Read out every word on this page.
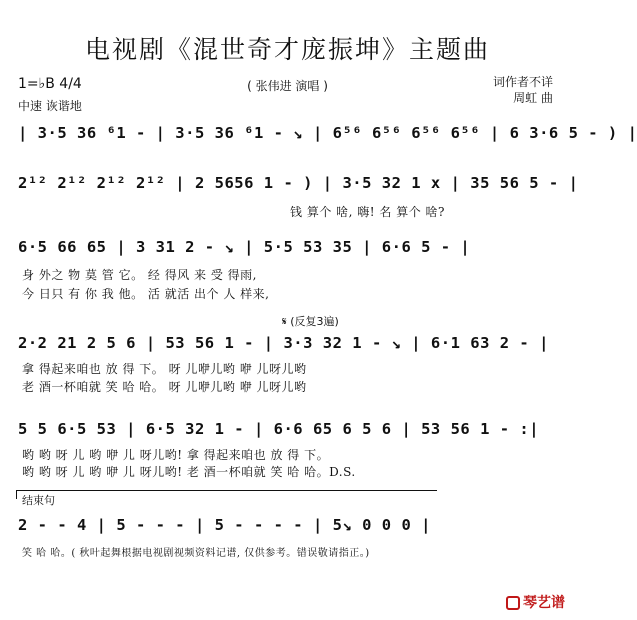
电视剧《混世奇才庞振坤》主题曲
1=♭B 4/4
中速 诙谐地
( 张伟进 演唱 )	词作者不详
周虹 曲
| 3·5 36 ⁶1 - | 3·5 36 ⁶1 - ↘ | 6⁵⁶ 6⁵⁶ 6⁵⁶ 6⁵⁶ | 6 3·6 5 - ) |
2¹² 2¹² 2¹² 2¹² | 2 5656 1 - ) | 3·5 32 1 x | 35 56 5 - |
钱 算个 啥, 嗨! 名 算个 啥?
6·5 66 65 | 3 31 2 - ↘ | 5·5 53 35 | 6·6 5 - |
身 外之 物 莫 管 它。 经 得风 来 受 得雨,
今 日只 有 你 我 他。 活 就活 出个 人 样来,
𝄋 (反复3遍)
2·2 21 2 5 6 | 53 56 1 - | 3·3 32 1 - ↘ | 6·1 63 2 - |
拿 得起来咱也 放 得 下。 呀 儿咿儿哟 咿 儿呀儿哟
老 酒一杯咱就 笑 哈 哈。 呀 儿咿儿哟 咿 儿呀儿哟
5 5 6·5 53 | 6·5 32 1 - | 6·6 65 6 5 6 | 53 56 1 - :|
哟 哟 呀 儿 哟 咿 儿 呀儿哟! 拿 得起来咱也 放 得 下。
哟 哟 呀 儿 哟 咿 儿 呀儿哟! 老 酒一杯咱就 笑 哈 哈。D.S.
结束句
2 - - 4 | 5 - - - | 5 - - - - | 5↘ 0 0 0 |
笑 哈 哈。( 秋叶起舞根据电视剧视频资料记谱, 仅供参考。错误敬请指正。)
琴艺谱
